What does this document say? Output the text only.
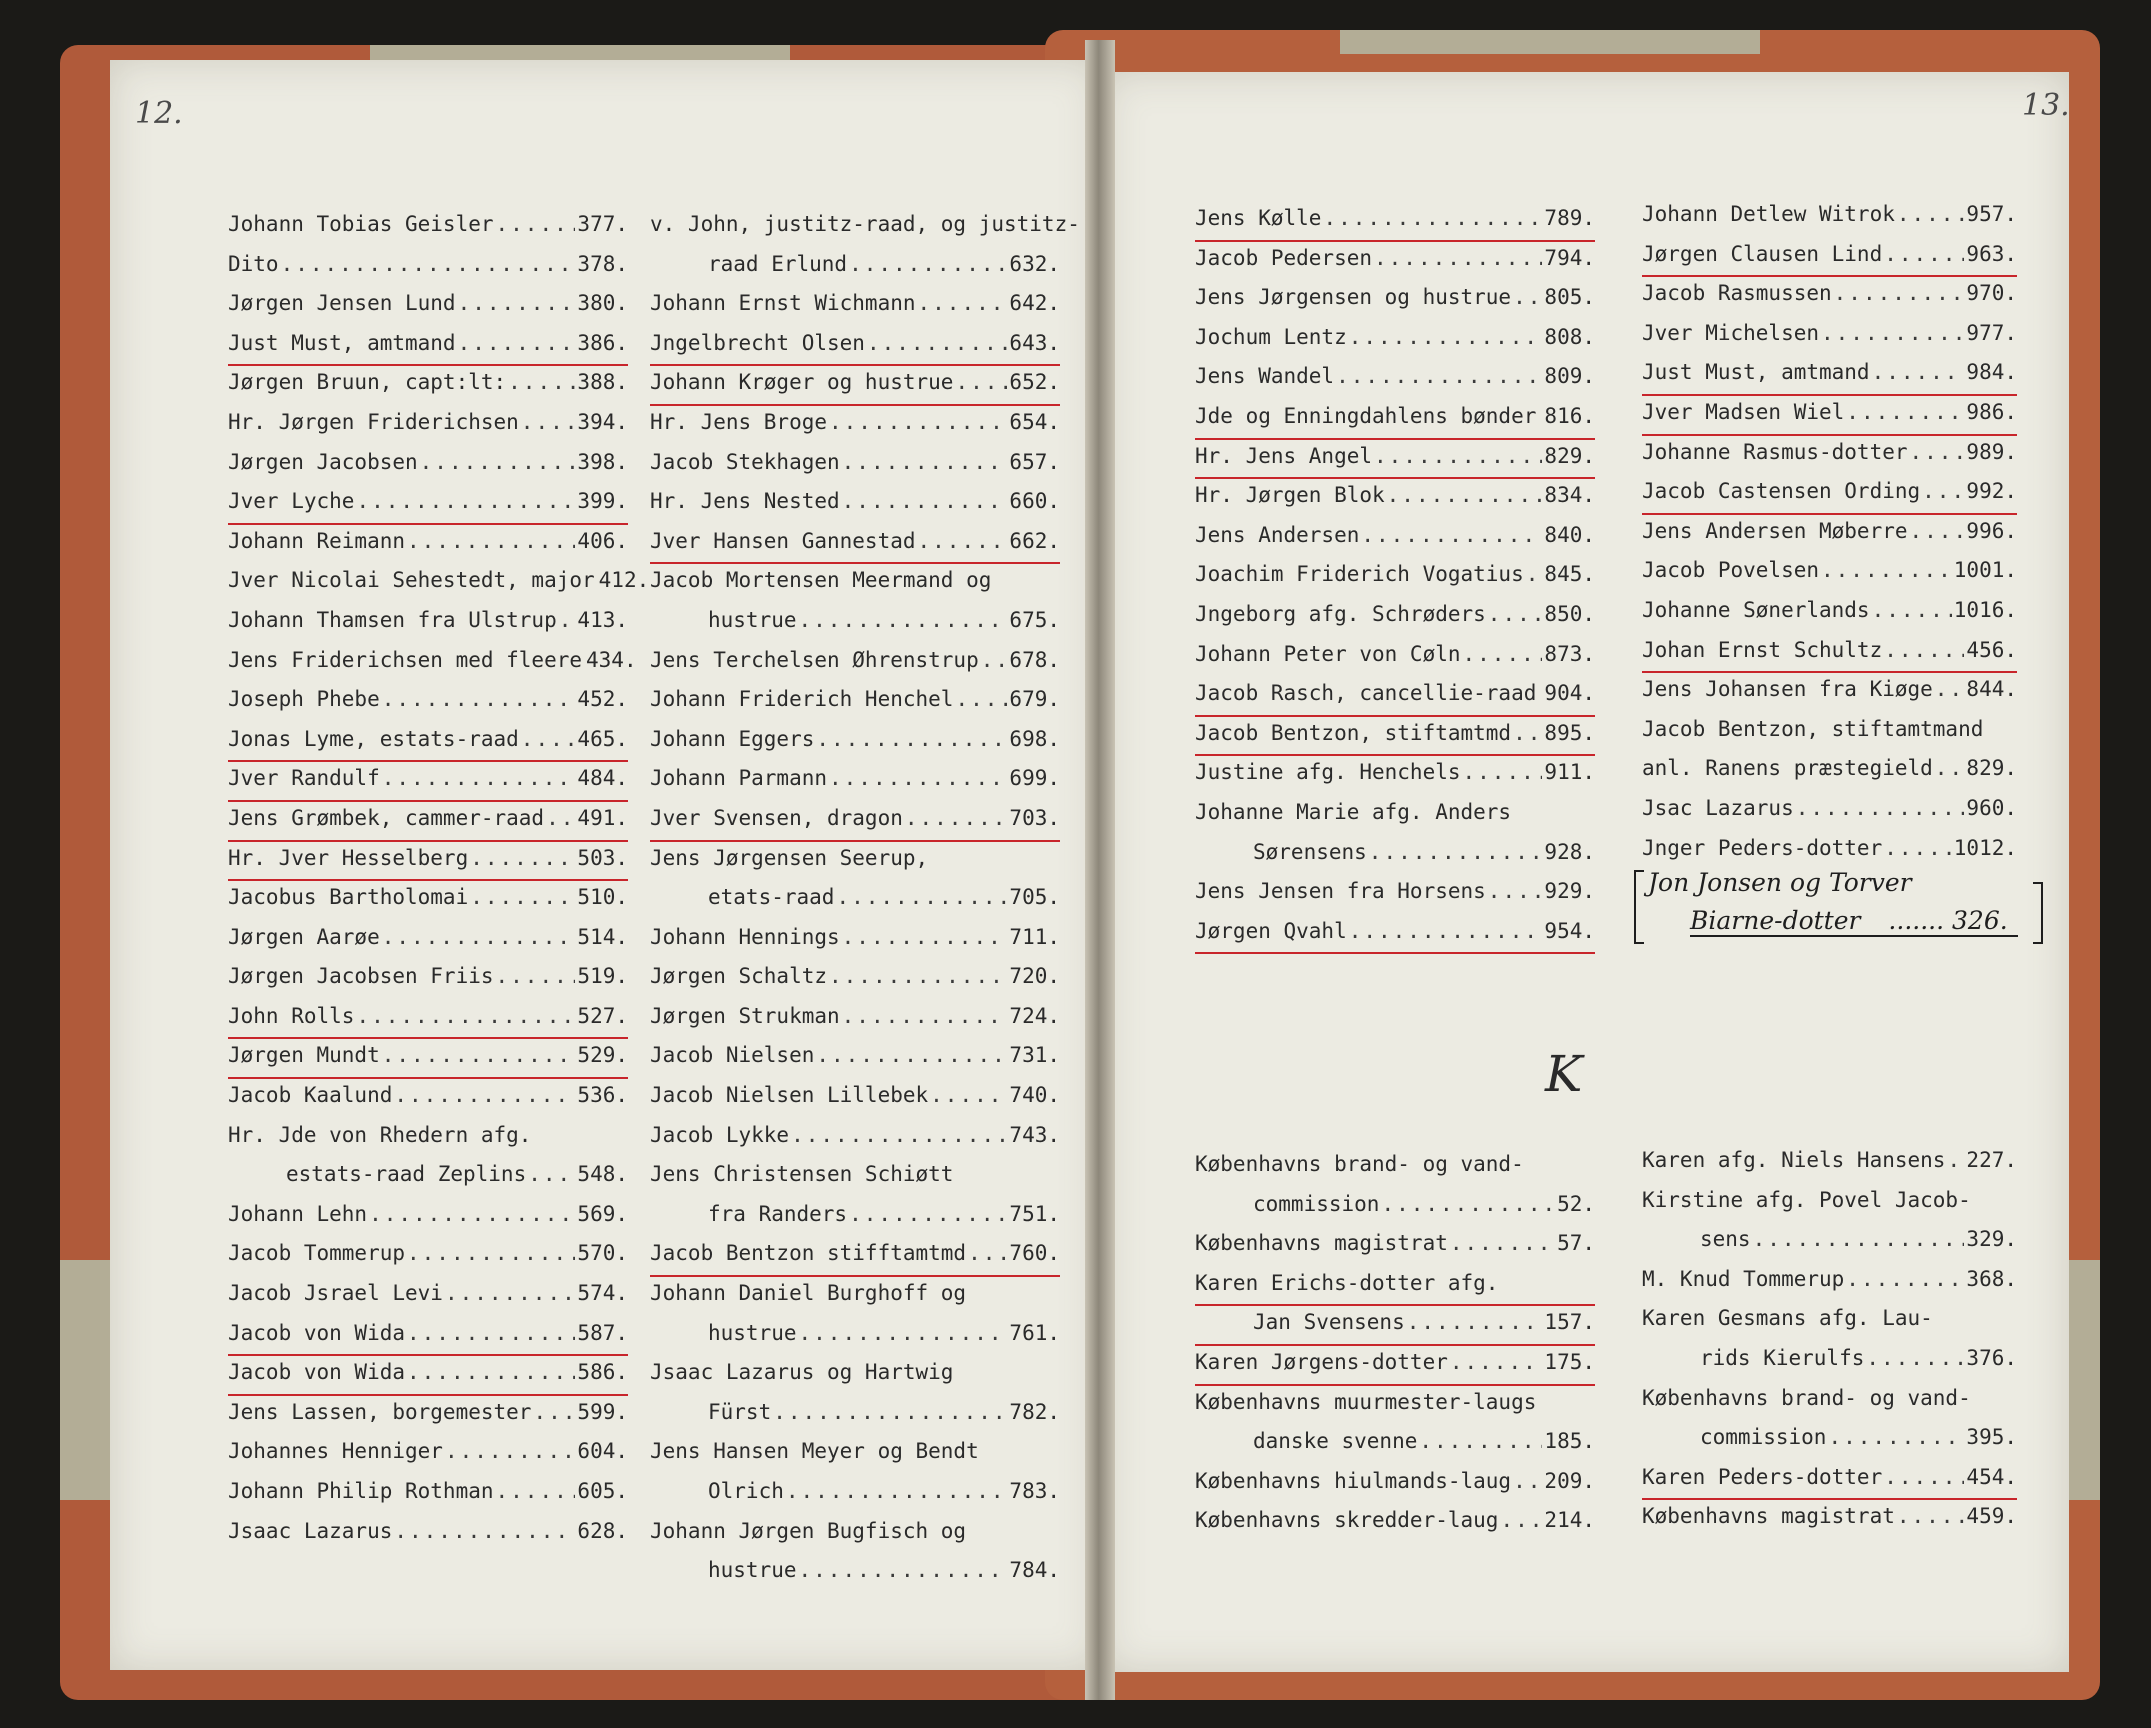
12.	13.
Johann Tobias Geisler .....	377.
Dito .....	378.
Jørgen Jensen Lund .....	380.
Just Must, amtmand .....	386.
Jørgen Bruun, capt:lt: .....	388.
Hr. Jørgen Friderichsen .....	394.
Jørgen Jacobsen .....	398.
Jver Lyche .....	399.
Johann Reimann .....	406.
Jver Nicolai Sehestedt, major 412.
Johann Thamsen fra Ulstrup ..... 413.
Jens Friderichsen med fleere 434.
Joseph Phebe .....	452.
Jonas Lyme, estats-raad .....	465.
Jver Randulf .....	484.
Jens Grømbek, cammer-raad ..... 491.
Hr. Jver Hesselberg .....	503.
Jacobus Bartholomai .....	510.
Jørgen Aarøe .....	514.
Jørgen Jacobsen Friis .....	519.
John Rolls .....	527.
Jørgen Mundt .....	529.
Jacob Kaalund .....	536.
Hr. Jde von Rhedern afg.
estats-raad Zeplins ..... 548.
Johann Lehn .....	569.
Jacob Tommerup .....	570.
Jacob Jsrael Levi .....	574.
Jacob von Wida .....	587.
Jacob von Wida .....	586.
Jens Lassen, borgemester ..... 599.
Johannes Henniger .....	604.
Johann Philip Rothman .....	605.
Jsaac Lazarus .....	628.
v. John, justitz-raad, og justitz-
raad Erlund .....	632.
Johann Ernst Wichmann .....	642.
Jngelbrecht Olsen .....	643.
Johann Krøger og hustrue .....	652.
Hr. Jens Broge .....	654.
Jacob Stekhagen .....	657.
Hr. Jens Nested .....	660.
Jver Hansen Gannestad .....	662.
Jacob Mortensen Meermand og
hustrue .....	675.
Jens Terchelsen Øhrenstrup ..... 678.
Johann Friderich Henchel .....	679.
Johann Eggers .....	698.
Johann Parmann .....	699.
Jver Svensen, dragon .....	703.
Jens Jørgensen Seerup,
etats-raad .....	705.
Johann Hennings .....	711.
Jørgen Schaltz .....	720.
Jørgen Strukman .....	724.
Jacob Nielsen .....	731.
Jacob Nielsen Lillebek .....	740.
Jacob Lykke .....	743.
Jens Christensen Schiøtt
fra Randers .....	751.
Jacob Bentzon stifftamtmd ..... 760.
Johann Daniel Burghoff og
hustrue .....	761.
Jsaac Lazarus og Hartwig
Fürst .....	782.
Jens Hansen Meyer og Bendt
Olrich .....	783.
Johann Jørgen Bugfisch og
hustrue .....	784.
Jens Kølle .....	789.
Jacob Pedersen .....	794.
Jens Jørgensen og hustrue ..... 805.
Jochum Lentz .....	808.
Jens Wandel .....	809.
Jde og Enningdahlens bønder ..... 816.
Hr. Jens Angel .....	829.
Hr. Jørgen Blok .....	834.
Jens Andersen .....	840.
Joachim Friderich Vogatius ..... 845.
Jngeborg afg. Schrøders .....	850.
Johann Peter von Cøln .....	873.
Jacob Rasch, cancellie-raad ..... 904.
Jacob Bentzon, stiftamtmd ..... 895.
Justine afg. Henchels .....	911.
Johanne Marie afg. Anders
Sørensens .....	928.
Jens Jensen fra Horsens .....	929.
Jørgen Qvahl .....	954.
Johann Detlew Witrok .....	957.
Jørgen Clausen Lind .....	963.
Jacob Rasmussen .....	970.
Jver Michelsen .....	977.
Just Must, amtmand .....	984.
Jver Madsen Wiel .....	986.
Johanne Rasmus-dotter .....	989.
Jacob Castensen Ording ..... 992.
Jens Andersen Møberre .....	996.
Jacob Povelsen .....	1001.
Johanne Sønerlands .....	1016.
Johan Ernst Schultz .....	456.
Jens Johansen fra Kiøge ..... 844.
Jacob Bentzon, stiftamtmand
anl. Ranens præstegield ..... 829.
Jsac Lazarus .....	960.
Jnger Peders-dotter .....	1012.
Jon Jonsen og Torver
Biarne-dotter ....... 326.
K
Københavns brand- og vand-
commission .....	52.
Københavns magistrat .....	57.
Karen Erichs-dotter afg.
Jan Svensens .....	157.
Karen Jørgens-dotter .....	175.
Københavns muurmester-laugs
danske svenne .....	185.
Københavns hiulmands-laug ..... 209.
Københavns skredder-laug ..... 214.
Karen afg. Niels Hansens ..... 227.
Kirstine afg. Povel Jacob-
sens .....	329.
M. Knud Tommerup .....	368.
Karen Gesmans afg. Lau-
rids Kierulfs .....	376.
Københavns brand- og vand-
commission .....	395.
Karen Peders-dotter .....	454.
Københavns magistrat .....	459.
